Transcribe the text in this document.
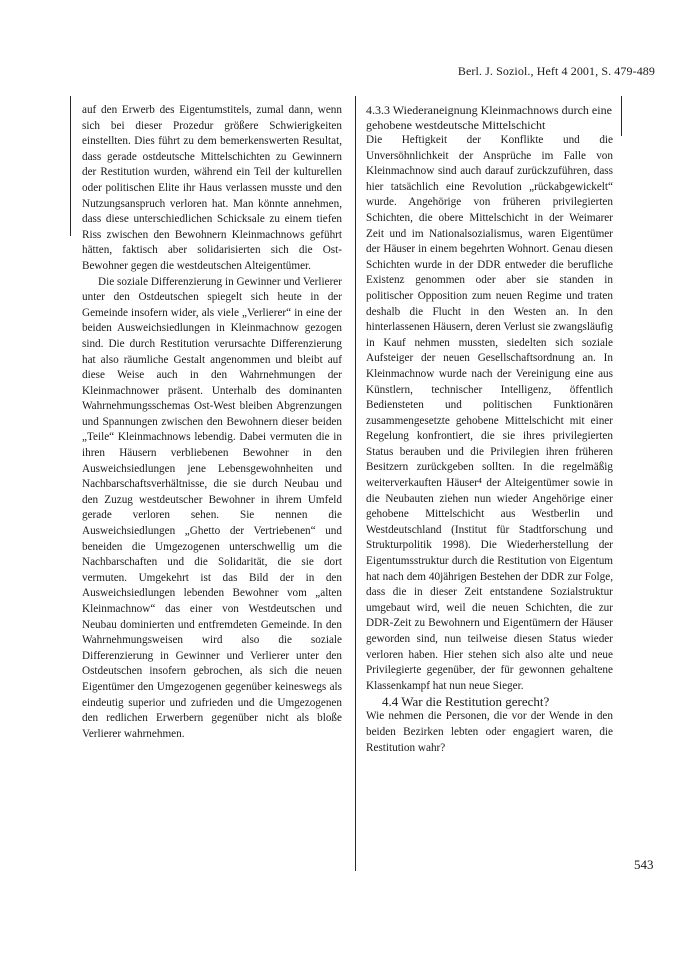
Berl. J. Soziol., Heft 4 2001, S. 479-489

auf den Erwerb des Eigentumstitels, zumal dann, wenn sich bei dieser Prozedur größere Schwierigkeiten einstellten. Dies führt zu dem bemerkenswerten Resultat, dass gerade ostdeutsche Mittelschichten zu Gewinnern der Restitution wurden, während ein Teil der kulturellen oder politischen Elite ihr Haus verlassen musste und den Nutzungsanspruch verloren hat. Man könnte annehmen, dass diese unterschiedlichen Schicksale zu einem tiefen Riss zwischen den Bewohnern Kleinmachnows geführt hätten, faktisch aber solidarisierten sich die Ost-Bewohner gegen die westdeutschen Alteigentümer.

Die soziale Differenzierung in Gewinner und Verlierer unter den Ostdeutschen spiegelt sich heute in der Gemeinde insofern wider, als viele „Verlierer“ in eine der beiden Ausweichsiedlungen in Kleinmachnow gezogen sind. Die durch Restitution verursachte Differenzierung hat also räumliche Gestalt angenommen und bleibt auf diese Weise auch in den Wahrnehmungen der Kleinmachnower präsent. Unterhalb des dominanten Wahrnehmungsschemas Ost-West bleiben Abgrenzungen und Spannungen zwischen den Bewohnern dieser beiden „Teile“ Kleinmachnows lebendig. Dabei vermuten die in ihren Häusern verbliebenen Bewohner in den Ausweichsiedlungen jene Lebensgewohnheiten und Nachbarschaftsverhältnisse, die sie durch Neubau und den Zuzug westdeutscher Bewohner in ihrem Umfeld gerade verloren sehen. Sie nennen die Ausweichsiedlungen „Ghetto der Vertriebenen“ und beneiden die Umgezogenen unterschwellig um die Nachbarschaften und die Solidarität, die sie dort vermuten. Umgekehrt ist das Bild der in den Ausweichsiedlungen lebenden Bewohner vom „alten Kleinmachnow“ das einer von Westdeutschen und Neubau dominierten und entfremdeten Gemeinde. In den Wahrnehmungsweisen wird also die soziale Differenzierung in Gewinner und Verlierer unter den Ostdeutschen insofern gebrochen, als sich die neuen Eigentümer den Umgezogenen gegenüber keineswegs als eindeutig superior und zufrieden und die Umgezogenen den redlichen Erwerbern gegenüber nicht als bloße Verlierer wahrnehmen.

4.3.3 Wiederaneignung Kleinmachnows durch eine gehobene westdeutsche Mittelschicht

Die Heftigkeit der Konflikte und die Unversöhnlichkeit der Ansprüche im Falle von Kleinmachnow sind auch darauf zurückzuführen, dass hier tatsächlich eine Revolution „rückabgewickelt“ wurde. Angehörige von früheren privilegierten Schichten, die obere Mittelschicht in der Weimarer Zeit und im Nationalsozialismus, waren Eigentümer der Häuser in einem begehrten Wohnort. Genau diesen Schichten wurde in der DDR entweder die berufliche Existenz genommen oder aber sie standen in politischer Opposition zum neuen Regime und traten deshalb die Flucht in den Westen an. In den hinterlassenen Häusern, deren Verlust sie zwangsläufig in Kauf nehmen mussten, siedelten sich soziale Aufsteiger der neuen Gesellschaftsordnung an. In Kleinmachnow wurde nach der Vereinigung eine aus Künstlern, technischer Intelligenz, öffentlich Bediensteten und politischen Funktionären zusammengesetzte gehobene Mittelschicht mit einer Regelung konfrontiert, die sie ihres privilegierten Status berauben und die Privilegien ihren früheren Besitzern zurückgeben sollten. In die regelmäßig weiterverkauften Häuser⁴ der Alteigentümer sowie in die Neubauten ziehen nun wieder Angehörige einer gehobene Mittelschicht aus Westberlin und Westdeutschland (Institut für Stadtforschung und Strukturpolitik 1998). Die Wiederherstellung der Eigentumsstruktur durch die Restitution von Eigentum hat nach dem 40jährigen Bestehen der DDR zur Folge, dass die in dieser Zeit entstandene Sozialstruktur umgebaut wird, weil die neuen Schichten, die zur DDR-Zeit zu Bewohnern und Eigentümern der Häuser geworden sind, nun teilweise diesen Status wieder verloren haben. Hier stehen sich also alte und neue Privilegierte gegenüber, der für gewonnen gehaltene Klassenkampf hat nun neue Sieger.

4.4 War die Restitution gerecht?

Wie nehmen die Personen, die vor der Wende in den beiden Bezirken lebten oder engagiert waren, die Restitution wahr?

543
